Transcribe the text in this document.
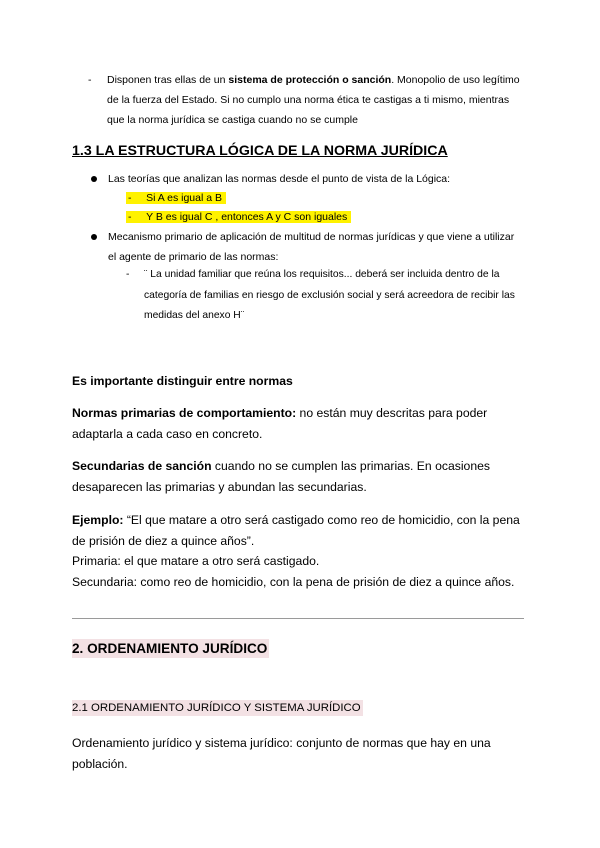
- Disponen tras ellas de un sistema de protección o sanción. Monopolio de uso legítimo de la fuerza del Estado. Si no cumplo una norma ética te castigas a ti mismo, mientras que la norma jurídica se castiga cuando no se cumple
1.3 LA ESTRUCTURA LÓGICA DE LA NORMA JURÍDICA
Las teorías que analizan las normas desde el punto de vista de la Lógica:
- Si A es igual a B
- Y B es igual C , entonces A y C son iguales
Mecanismo primario de aplicación de multitud de normas jurídicas y que viene a utilizar el agente de primario de las normas:
- ¨ La unidad familiar que reúna los requisitos... deberá ser incluida dentro de la categoría de familias en riesgo de exclusión social y será acreedora de recibir las medidas del anexo H¨
Es importante distinguir entre normas
Normas primarias de comportamiento: no están muy descritas para poder adaptarla a cada caso en concreto.
Secundarias de sanción cuando no se cumplen las primarias. En ocasiones desaparecen las primarias y abundan las secundarias.
Ejemplo: “El que matare a otro será castigado como reo de homicidio, con la pena de prisión de diez a quince años”.
Primaria: el que matare a otro será castigado.
Secundaria: como reo de homicidio, con la pena de prisión de diez a quince años.
2. ORDENAMIENTO JURÍDICO
2.1 ORDENAMIENTO JURÍDICO Y SISTEMA JURÍDICO
Ordenamiento jurídico y sistema jurídico: conjunto de normas que hay en una población.
